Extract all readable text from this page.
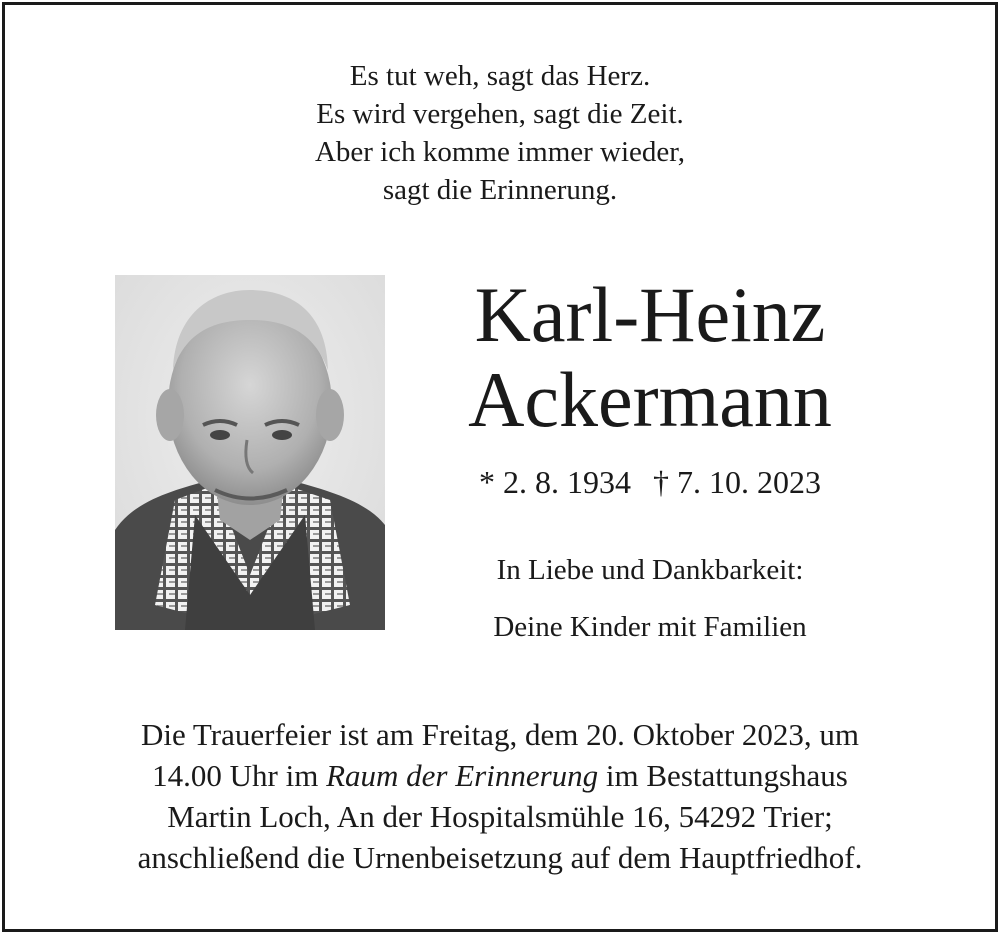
Es tut weh, sagt das Herz.
Es wird vergehen, sagt die Zeit.
Aber ich komme immer wieder,
sagt die Erinnerung.
Karl-Heinz
Ackermann
* 2. 8. 1934 † 7. 10. 2023
In Liebe und Dankbarkeit:
Deine Kinder mit Familien
Die Trauerfeier ist am Freitag, dem 20. Oktober 2023, um
14.00 Uhr im Raum der Erinnerung im Bestattungshaus
Martin Loch, An der Hospitalsmühle 16, 54292 Trier;
anschließend die Urnenbeisetzung auf dem Hauptfriedhof.
